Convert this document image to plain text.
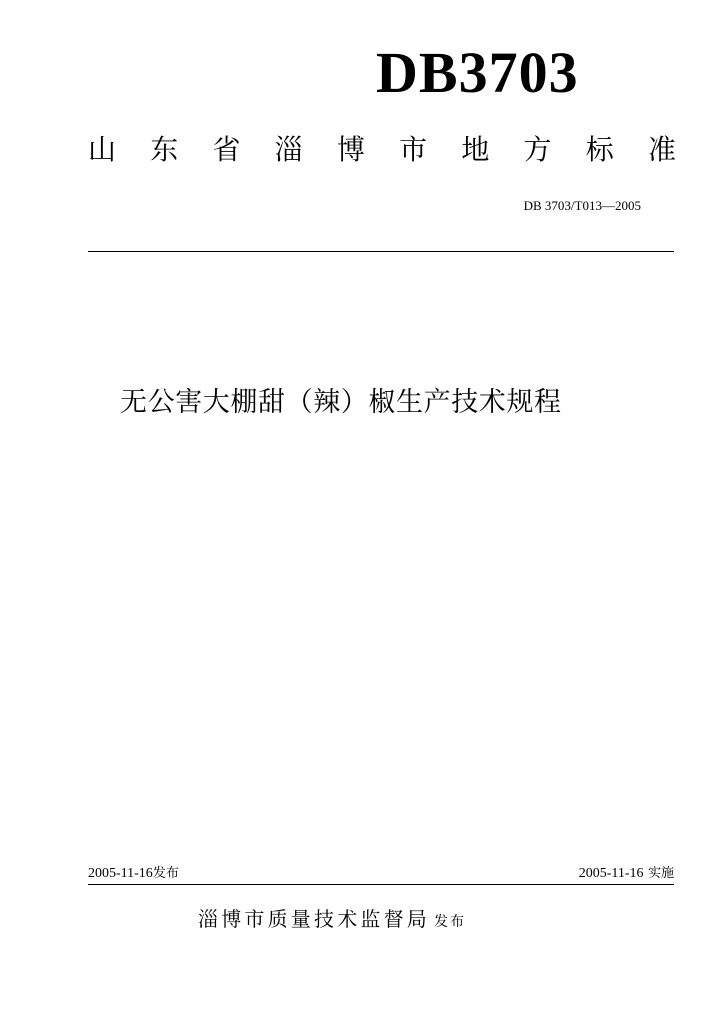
DB3703
山 东 省 淄 博 市 地 方 标 准
DB 3703/T013—2005
无公害大棚甜（辣）椒生产技术规程
2005-11-16发布	2005-11-16 实施
淄博市质量技术监督局 发布
